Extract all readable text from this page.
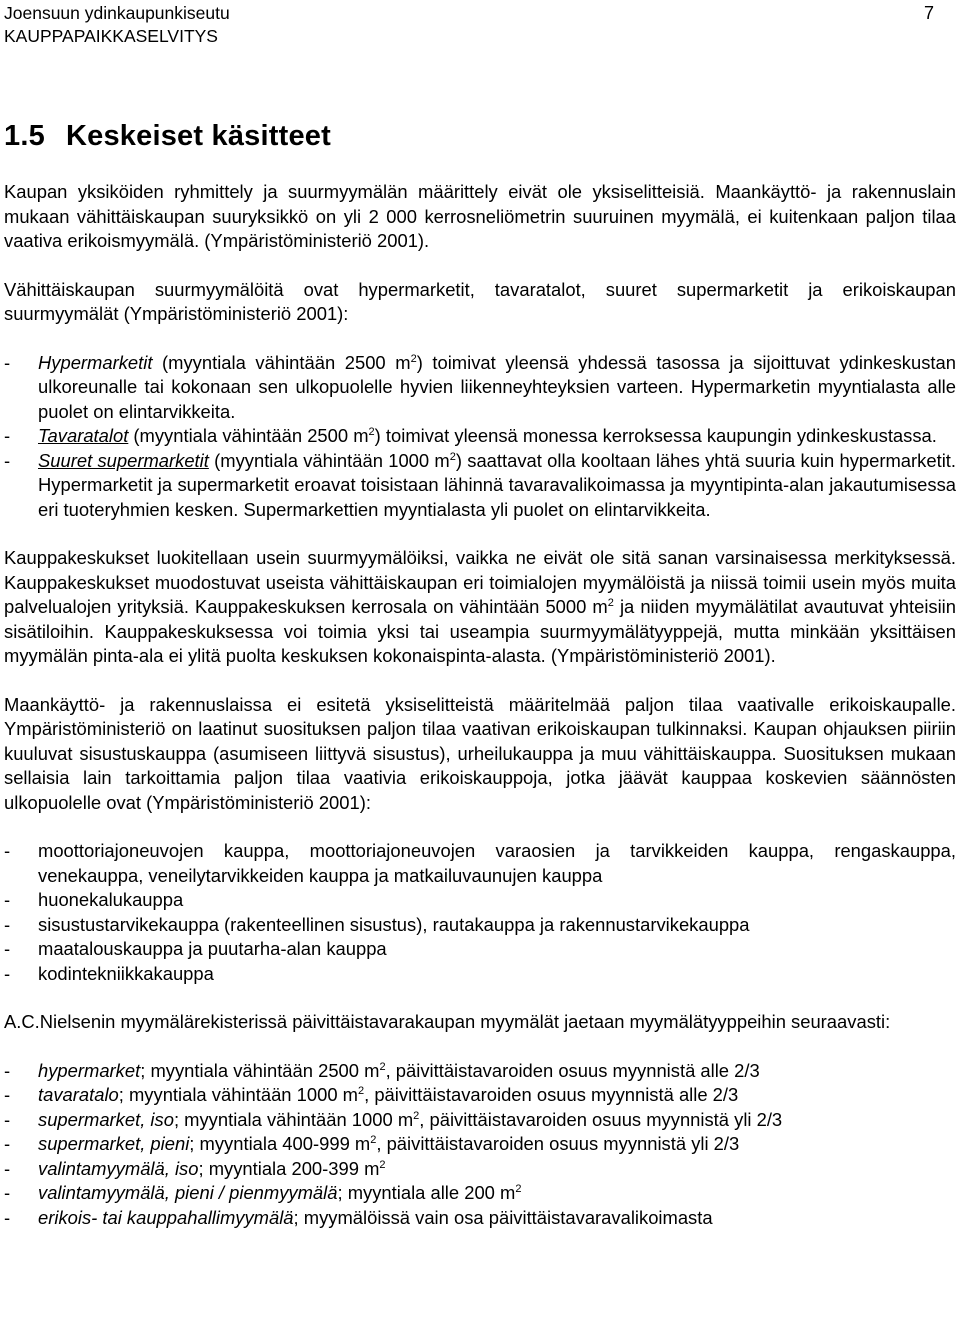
Joensuun ydinkaupunkiseutu
KAUPPAPAIKKASELVITYS
7
1.5 Keskeiset käsitteet

Kaupan yksiköiden ryhmittely ja suurmyymälän määrittely eivät ole yksiselitteisiä. Maankäyttö- ja rakennuslain mukaan vähittäiskaupan suuryksikkö on yli 2 000 kerrosneliömetrin suuruinen myymälä, ei kuitenkaan paljon tilaa vaativa erikoismyymälä. (Ympäristöministeriö 2001).

Vähittäiskaupan suurmyymälöitä ovat hypermarketit, tavaratalot, suuret supermarketit ja erikoiskaupan suurmyymälät (Ympäristöministeriö 2001):

- Hypermarketit (myyntiala vähintään 2500 $m^2$) toimivat yleensä yhdessä tasossa ja sijoittuvat ydinkeskustan ulkoreunalle tai kokonaan sen ulkopuolelle hyvien liikenneyhteyksien varteen. Hypermarketin myyntialasta alle puolet on elintarvikkeita.
- Tavaratalot (myyntiala vähintään 2500 $m^2$) toimivat yleensä monessa kerroksessa kaupungin ydinkeskustassa.
- Suuret supermarketit (myyntiala vähintään 1000 $m^2$) saattavat olla kooltaan lähes yhtä suuria kuin hypermarketit. Hypermarketit ja supermarketit eroavat toisistaan lähinnä tavaravalikoimassa ja myyntipinta-alan jakautumisessa eri tuoteryhmien kesken. Supermarkettien myyntialasta yli puolet on elintarvikkeita.

Kauppakeskukset luokitellaan usein suurmyymälöiksi, vaikka ne eivät ole sitä sanan varsinaisessa merkityksessä. Kauppakeskukset muodostuvat useista vähittäiskaupan eri toimialojen myymälöistä ja niissä toimii usein myös muita palvelualojen yrityksiä. Kauppakeskuksen kerrosala on vähintään 5000 $m^2$ ja niiden myymälätilat avautuvat yhteisiin sisätiloihin. Kauppakeskuksessa voi toimia yksi tai useampia suurmyymälätyyppejä, mutta minkään yksittäisen myymälän pinta-ala ei ylitä puolta keskuksen kokonaispinta-alasta. (Ympäristöministeriö 2001).

Maankäyttö- ja rakennuslaissa ei esitetä yksiselitteistä määritelmää paljon tilaa vaativalle erikoiskaupalle. Ympäristöministeriö on laatinut suosituksen paljon tilaa vaativan erikoiskaupan tulkinnaksi. Kaupan ohjauksen piiriin kuuluvat sisustuskauppa (asumiseen liittyvä sisustus), urheilukauppa ja muu vähittäiskauppa. Suosituksen mukaan sellaisia lain tarkoittamia paljon tilaa vaativia erikoiskauppoja, jotka jäävät kauppaa koskevien säännösten ulkopuolelle ovat (Ympäristöministeriö 2001):

- moottoriajoneuvojen kauppa, moottoriajoneuvojen varaosien ja tarvikkeiden kauppa, rengaskauppa, venekauppa, veneilytarvikkeiden kauppa ja matkailuvaunujen kauppa
- huonekalukauppa
- sisustustarvikekauppa (rakenteellinen sisustus), rautakauppa ja rakennustarvikekauppa
- maatalouskauppa ja puutarha-alan kauppa
- kodintekniikkakauppa

A.C.Nielsenin myymälärekisterissä päivittäistavarakaupan myymälät jaetaan myymälätyyppeihin seuraavasti:

- hypermarket; myyntiala vähintään 2500 $m^2$, päivittäistavaroiden osuus myynnistä alle 2/3
- tavaratalo; myyntiala vähintään 1000 $m^2$, päivittäistavaroiden osuus myynnistä alle 2/3
- supermarket, iso; myyntiala vähintään 1000 $m^2$, päivittäistavaroiden osuus myynnistä yli 2/3
- supermarket, pieni; myyntiala 400-999 $m^2$, päivittäistavaroiden osuus myynnistä yli 2/3
- valintamyymälä, iso; myyntiala 200-399 $m^2$
- valintamyymälä, pieni / pienmyymälä; myyntiala alle 200 $m^2$
- erikois- tai kauppahallimyymälä; myymälöissä vain osa päivittäistavaravalikoimasta
